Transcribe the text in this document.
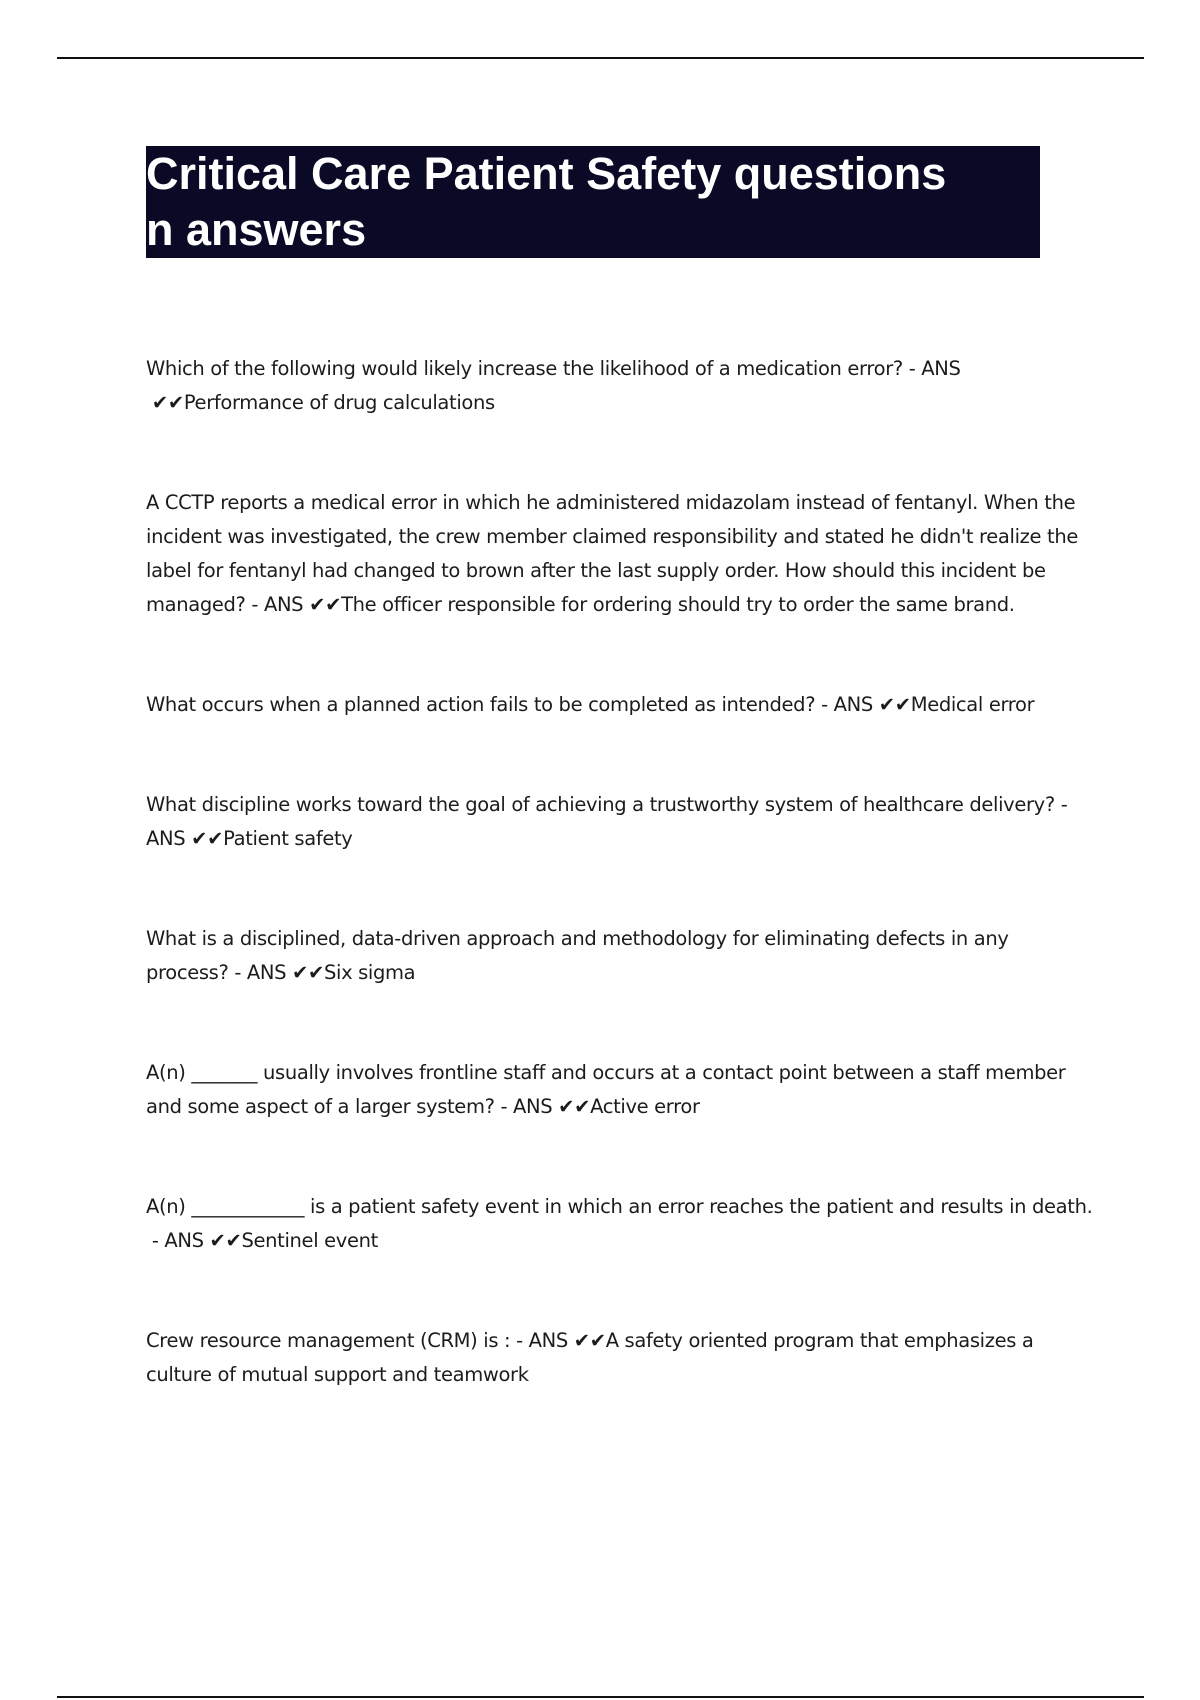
Critical Care Patient Safety questions
n answers
Which of the following would likely increase the likelihood of a medication error? - ANS ✔✔Performance of drug calculations
A CCTP reports a medical error in which he administered midazolam instead of fentanyl. When the incident was investigated, the crew member claimed responsibility and stated he didn't realize the label for fentanyl had changed to brown after the last supply order. How should this incident be managed? - ANS ✔✔The officer responsible for ordering should try to order the same brand.
What occurs when a planned action fails to be completed as intended? - ANS ✔✔Medical error
What discipline works toward the goal of achieving a trustworthy system of healthcare delivery? - ANS ✔✔Patient safety
What is a disciplined, data-driven approach and methodology for eliminating defects in any process? - ANS ✔✔Six sigma
A(n) _______ usually involves frontline staff and occurs at a contact point between a staff member and some aspect of a larger system? - ANS ✔✔Active error
A(n) ____________ is a patient safety event in which an error reaches the patient and results in death. - ANS ✔✔Sentinel event
Crew resource management (CRM) is : - ANS ✔✔A safety oriented program that emphasizes a culture of mutual support and teamwork
